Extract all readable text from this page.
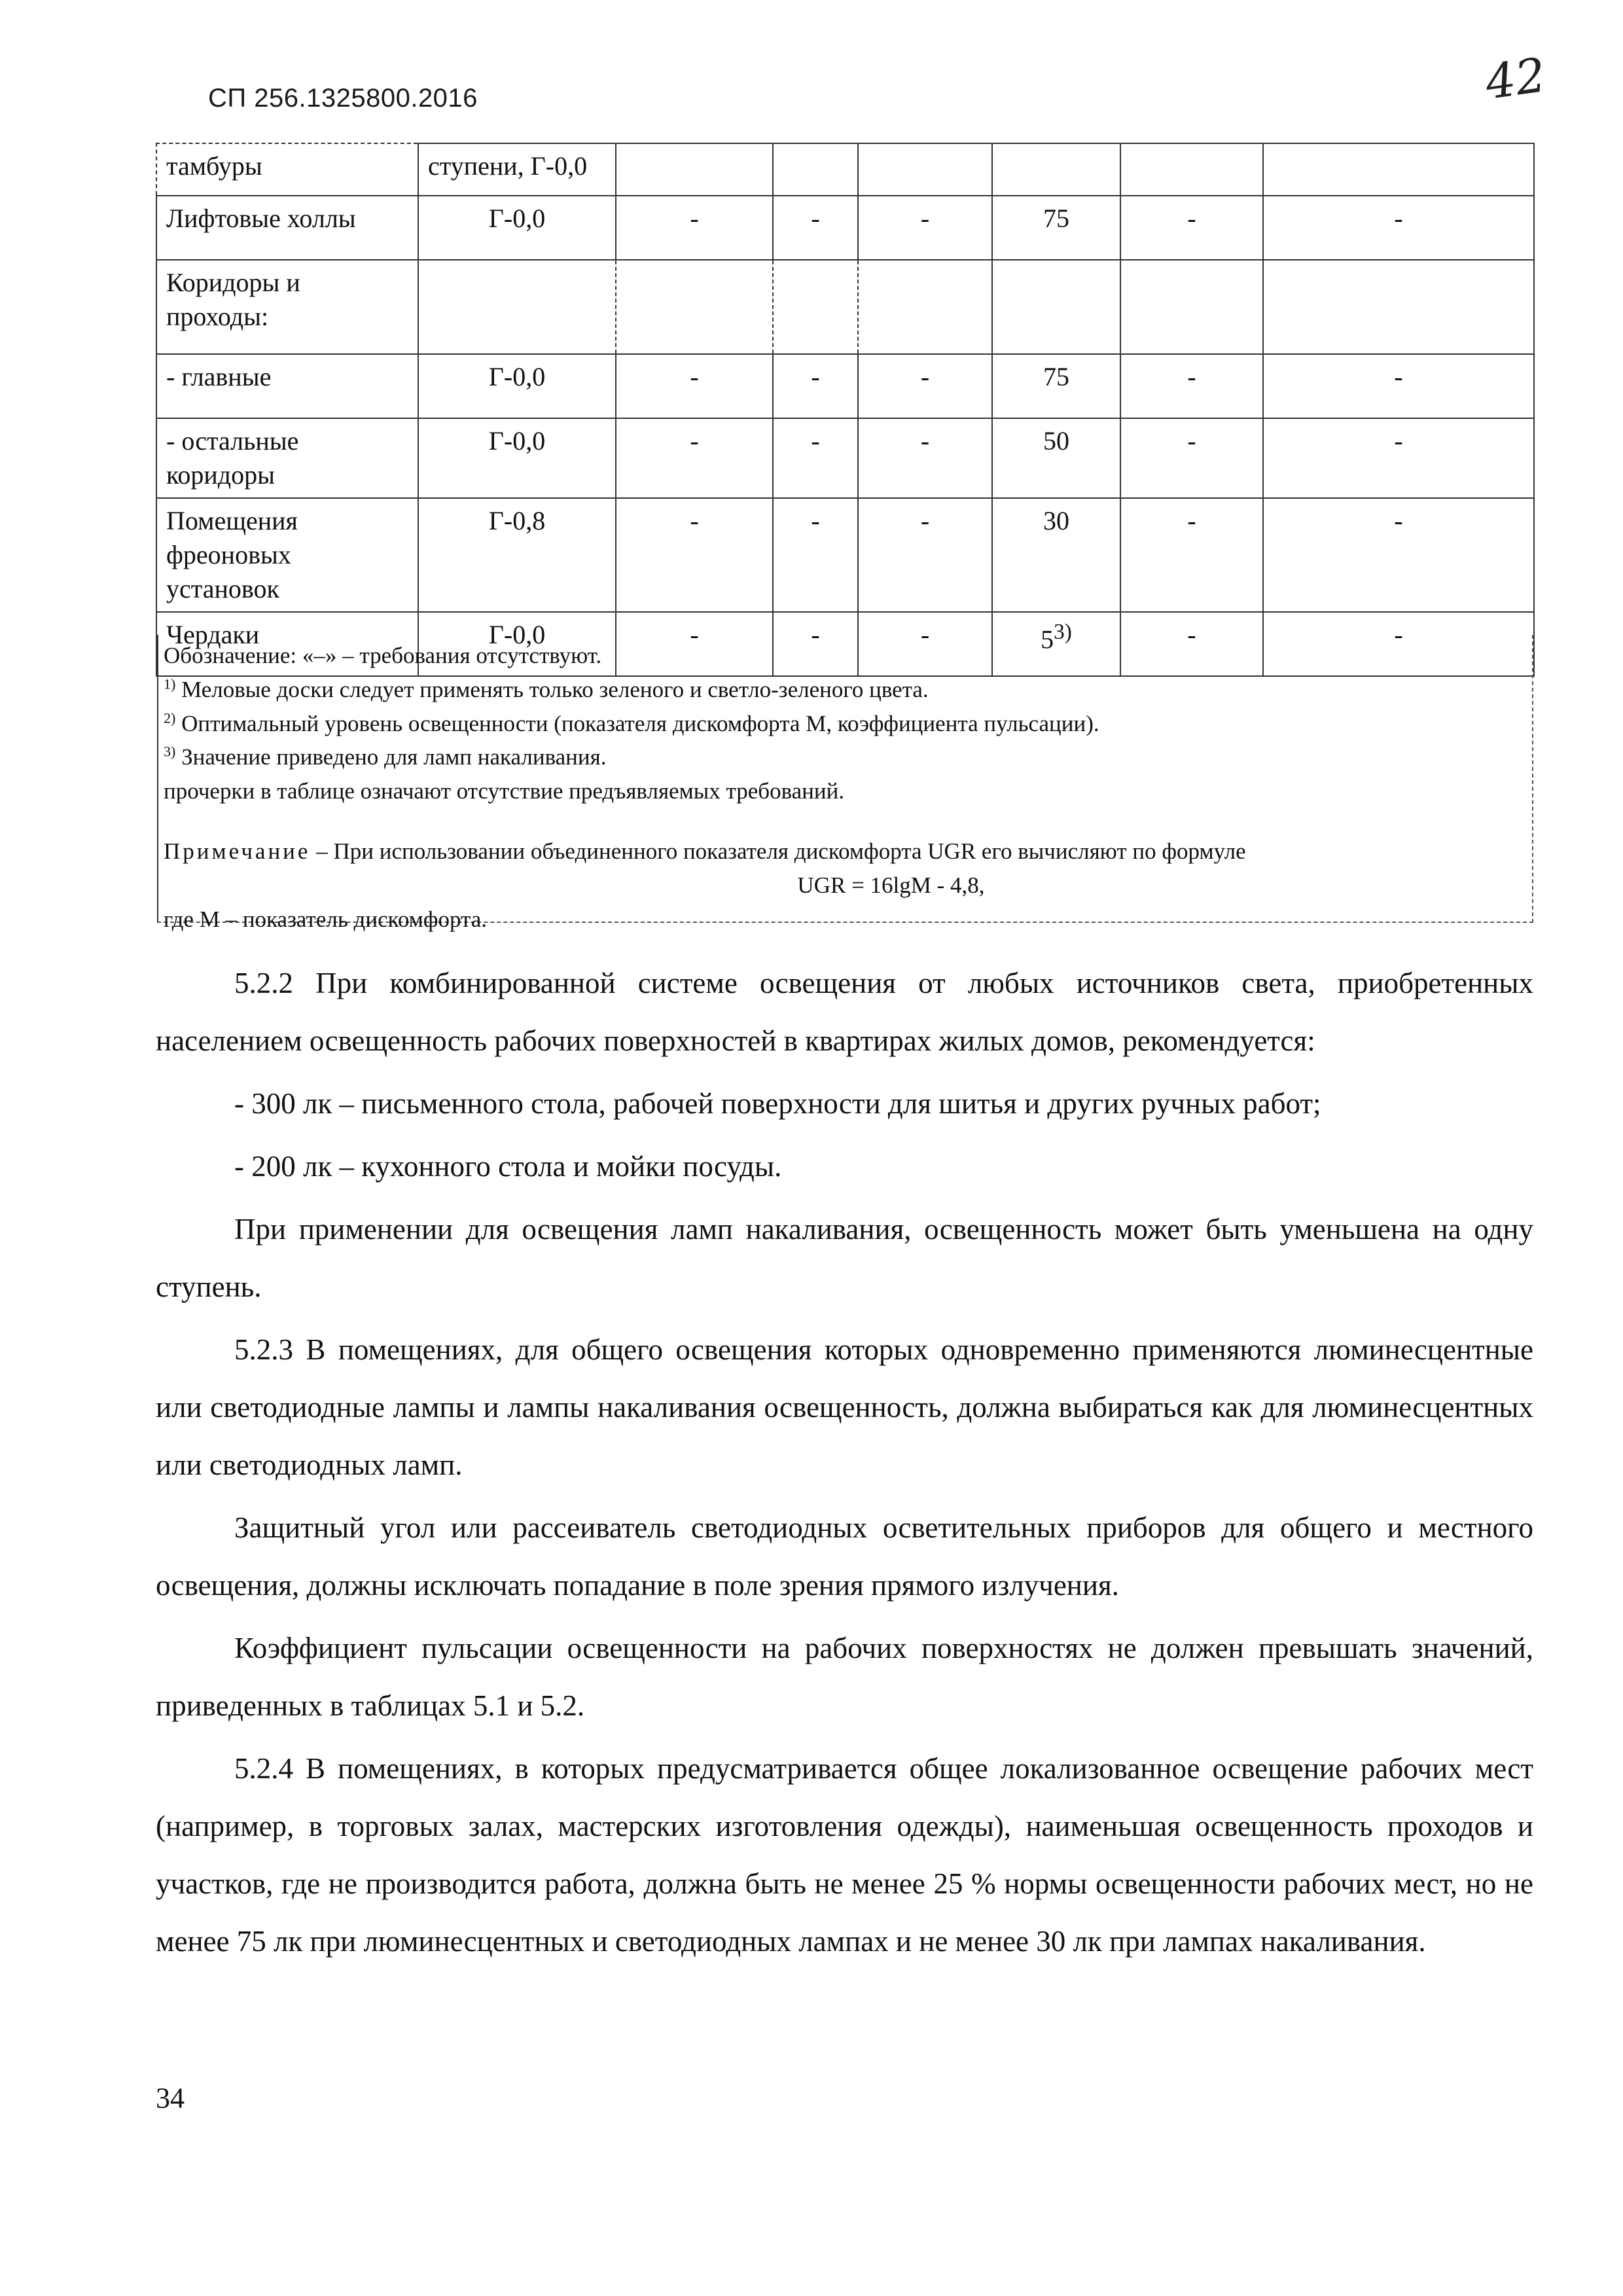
СП 256.1325800.2016	42
тамбуры	ступени, Г-0,0						
Лифтовые холлы	Г-0,0	-	-	-	75	-	-
Коридоры и проходы:							
- главные	Г-0,0	-	-	-	75	-	-
- остальные коридоры	Г-0,0	-	-	-	50	-	-
Помещения фреоновых установок	Г-0,8	-	-	-	30	-	-
Чердаки	Г-0,0	-	-	-	5$^{3)}$	-	-

Обозначение: «–» – требования отсутствуют.

$^{1)}$ Меловые доски следует применять только зеленого и светло-зеленого цвета.

$^{2)}$ Оптимальный уровень освещенности (показателя дискомфорта М, коэффициента пульсации).

$^{3)}$ Значение приведено для ламп накаливания.

прочерки в таблице означают отсутствие предъявляемых требований.

Примечание – При использовании объединенного показателя дискомфорта UGR его вычисляют по формуле

UGR = 16lgM - 4,8,

где М – показатель дискомфорта.

5.2.2 При комбинированной системе освещения от любых источников света, приобретенных населением освещенность рабочих поверхностей в квартирах жилых домов, рекомендуется:

- 300 лк – письменного стола, рабочей поверхности для шитья и других ручных работ;

- 200 лк – кухонного стола и мойки посуды.

При применении для освещения ламп накаливания, освещенность может быть уменьшена на одну ступень.

5.2.3 В помещениях, для общего освещения которых одновременно применяются люминесцентные или светодиодные лампы и лампы накаливания освещенность, должна выбираться как для люминесцентных или светодиодных ламп.

Защитный угол или рассеиватель светодиодных осветительных приборов для общего и местного освещения, должны исключать попадание в поле зрения прямого излучения.

Коэффициент пульсации освещенности на рабочих поверхностях не должен превышать значений, приведенных в таблицах 5.1 и 5.2.

5.2.4 В помещениях, в которых предусматривается общее локализованное освещение рабочих мест (например, в торговых залах, мастерских изготовления одежды), наименьшая освещенность проходов и участков, где не производится работа, должна быть не менее 25 % нормы освещенности рабочих мест, но не менее 75 лк при люминесцентных и светодиодных лампах и не менее 30 лк при лампах накаливания.

34
